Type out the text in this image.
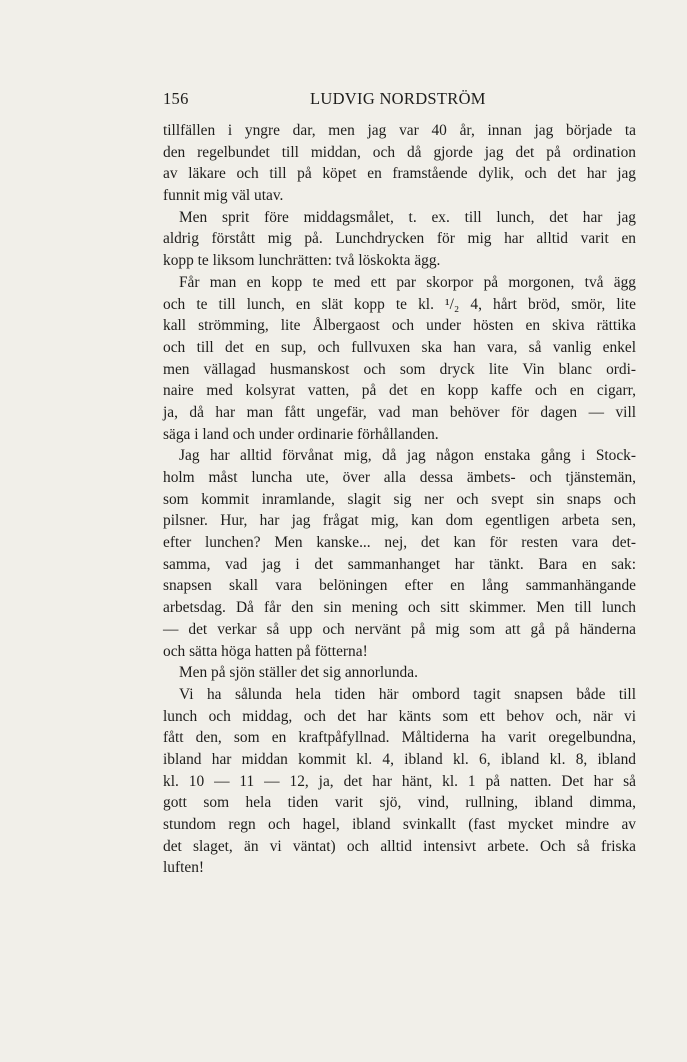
156	LUDVIG NORDSTRÖM
tillfällen i yngre dar, men jag var 40 år, innan jag började ta
den regelbundet till middan, och då gjorde jag det på ordination
av läkare och till på köpet en framstående dylik, och det har jag
funnit mig väl utav.
Men sprit före middagsmålet, t. ex. till lunch, det har jag
aldrig förstått mig på. Lunchdrycken för mig har alltid varit en
kopp te liksom lunchrätten: två löskokta ägg.
Får man en kopp te med ett par skorpor på morgonen, två ägg
och te till lunch, en slät kopp te kl. ¹/₂ 4, hårt bröd, smör, lite
kall strömming, lite Ålbergaost och under hösten en skiva rättika
och till det en sup, och fullvuxen ska han vara, så vanlig enkel
men vällagad husmanskost och som dryck lite Vin blanc ordi-
naire med kolsyrat vatten, på det en kopp kaffe och en cigarr,
ja, då har man fått ungefär, vad man behöver för dagen — vill
säga i land och under ordinarie förhållanden.
Jag har alltid förvånat mig, då jag någon enstaka gång i Stock-
holm måst luncha ute, över alla dessa ämbets- och tjänstemän,
som kommit inramlande, slagit sig ner och svept sin snaps och
pilsner. Hur, har jag frågat mig, kan dom egentligen arbeta sen,
efter lunchen? Men kanske... nej, det kan för resten vara det-
samma, vad jag i det sammanhanget har tänkt. Bara en sak:
snapsen skall vara belöningen efter en lång sammanhängande
arbetsdag. Då får den sin mening och sitt skimmer. Men till lunch
— det verkar så upp och nervänt på mig som att gå på händerna
och sätta höga hatten på fötterna!
Men på sjön ställer det sig annorlunda.
Vi ha sålunda hela tiden här ombord tagit snapsen både till
lunch och middag, och det har känts som ett behov och, när vi
fått den, som en kraftpåfyllnad. Måltiderna ha varit oregelbundna,
ibland har middan kommit kl. 4, ibland kl. 6, ibland kl. 8, ibland
kl. 10 — 11 — 12, ja, det har hänt, kl. 1 på natten. Det har så
gott som hela tiden varit sjö, vind, rullning, ibland dimma,
stundom regn och hagel, ibland svinkallt (fast mycket mindre av
det slaget, än vi väntat) och alltid intensivt arbete. Och så friska
luften!
